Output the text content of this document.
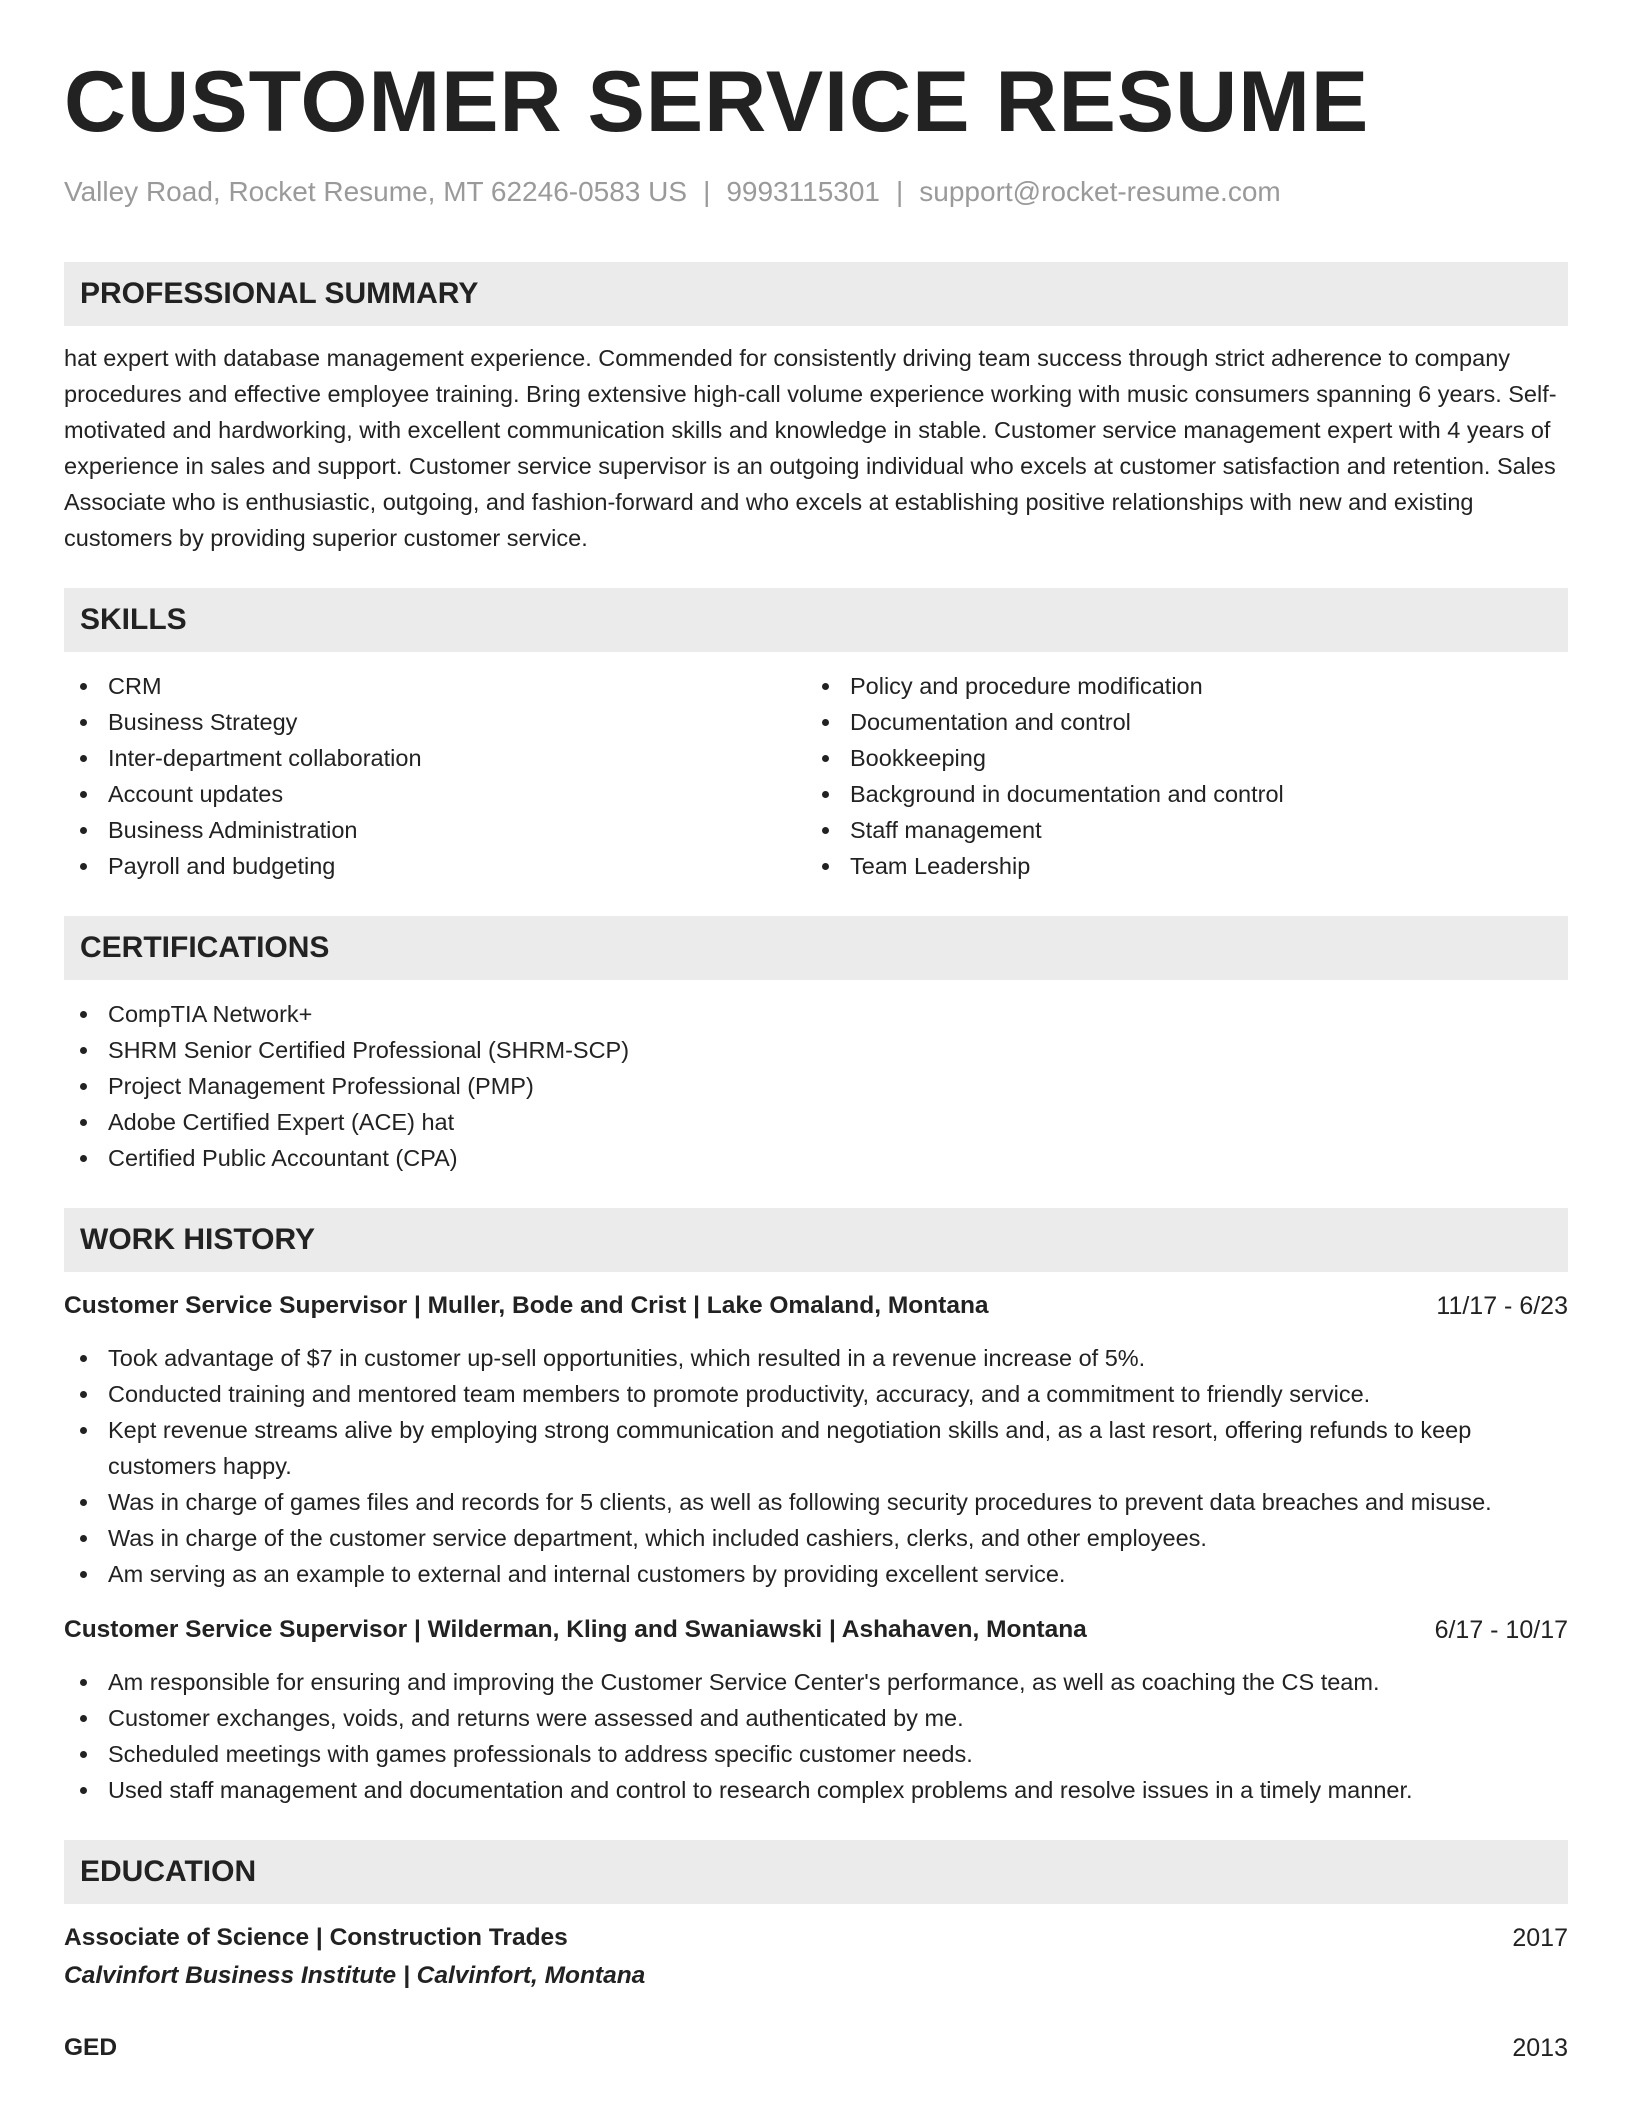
CUSTOMER SERVICE RESUME
Valley Road, Rocket Resume, MT 62246-0583 US | 9993115301 | support@rocket-resume.com
PROFESSIONAL SUMMARY

hat expert with database management experience. Commended for consistently driving team success through strict adherence to company procedures and effective employee training. Bring extensive high-call volume experience working with music consumers spanning 6 years. Self-motivated and hardworking, with excellent communication skills and knowledge in stable. Customer service management expert with 4 years of experience in sales and support. Customer service supervisor is an outgoing individual who excels at customer satisfaction and retention. Sales Associate who is enthusiastic, outgoing, and fashion-forward and who excels at establishing positive relationships with new and existing customers by providing superior customer service.

SKILLS
CRM
Business Strategy
Inter-department collaboration
Account updates
Business Administration
Payroll and budgeting
Policy and procedure modification
Documentation and control
Bookkeeping
Background in documentation and control
Staff management
Team Leadership
CERTIFICATIONS
CompTIA Network+
SHRM Senior Certified Professional (SHRM-SCP)
Project Management Professional (PMP)
Adobe Certified Expert (ACE) hat
Certified Public Accountant (CPA)
WORK HISTORY
Customer Service Supervisor | Muller, Bode and Crist | Lake Omaland, Montana	11/17 - 6/23
Took advantage of $7 in customer up-sell opportunities, which resulted in a revenue increase of 5%.
Conducted training and mentored team members to promote productivity, accuracy, and a commitment to friendly service.
Kept revenue streams alive by employing strong communication and negotiation skills and, as a last resort, offering refunds to keep customers happy.
Was in charge of games files and records for 5 clients, as well as following security procedures to prevent data breaches and misuse.
Was in charge of the customer service department, which included cashiers, clerks, and other employees.
Am serving as an example to external and internal customers by providing excellent service.
Customer Service Supervisor | Wilderman, Kling and Swaniawski | Ashahaven, Montana	6/17 - 10/17
Am responsible for ensuring and improving the Customer Service Center's performance, as well as coaching the CS team.
Customer exchanges, voids, and returns were assessed and authenticated by me.
Scheduled meetings with games professionals to address specific customer needs.
Used staff management and documentation and control to research complex problems and resolve issues in a timely manner.
EDUCATION
Associate of Science | Construction Trades	2017
Calvinfort Business Institute | Calvinfort, Montana
GED	2013
